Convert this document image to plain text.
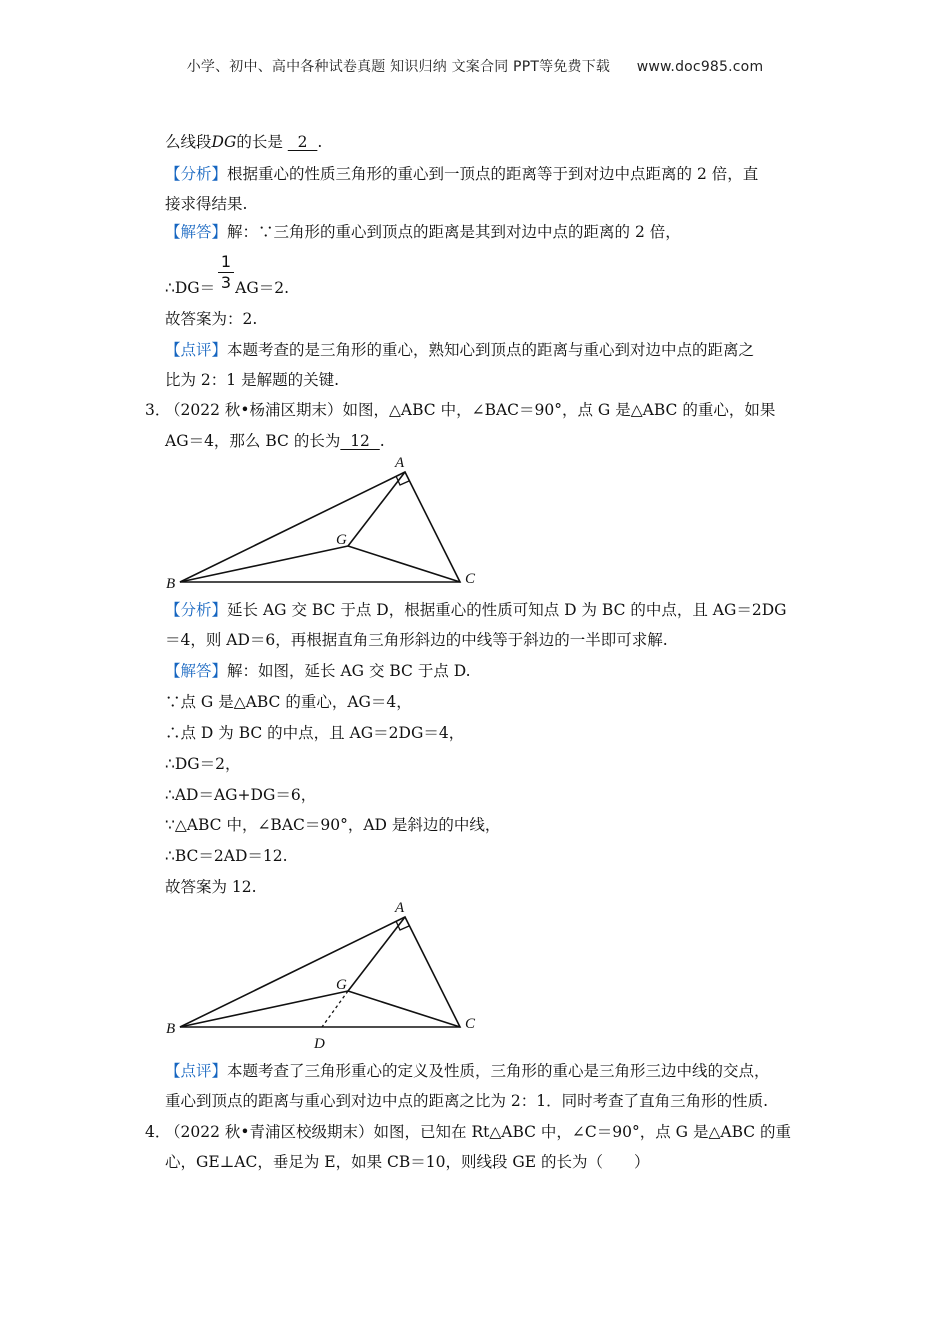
小学、初中、高中各种试卷真题 知识归纳 文案合同 PPT等免费下载 www.doc985.com
么线段DG的长是   2  .
【分析】根据重心的性质三角形的重心到一顶点的距离等于到对边中点距离的 2 倍，直
接求得结果.
【解答】解：∵三角形的重心到顶点的距离是其到对边中点的距离的 2 倍，
1
3
∴DG＝ AG＝2.
故答案为：2.
【点评】本题考查的是三角形的重心，熟知心到顶点的距离与重心到对边中点的距离之
比为 2：1 是解题的关键.
3．
（2022 秋•杨浦区期末）如图，△ABC 中，∠BAC＝90°，点 G 是△ABC 的重心，如果
AG＝4，那么 BC 的长为  12  .
A
B	C
G
【分析】延长 AG 交 BC 于点 D，根据重心的性质可知点 D 为 BC 的中点，且 AG＝2DG
＝4，则 AD＝6，再根据直角三角形斜边的中线等于斜边的一半即可求解.
【解答】解：如图，延长 AG 交 BC 于点 D.
∵点 G 是△ABC 的重心，AG＝4，
∴点 D 为 BC 的中点，且 AG＝2DG＝4，
∴DG＝2，
∴AD＝AG+DG＝6，
∵△ABC 中，∠BAC＝90°，AD 是斜边的中线，
∴BC＝2AD＝12.
故答案为 12.
A
B	C
G
D
【点评】本题考查了三角形重心的定义及性质，三角形的重心是三角形三边中线的交点，
重心到顶点的距离与重心到对边中点的距离之比为 2：1．同时考查了直角三角形的性质.
4．
（2022 秋•青浦区校级期末）如图，已知在 Rt△ABC 中，∠C＝90°，点 G 是△ABC 的重
心，GE⊥AC，垂足为 E，如果 CB＝10，则线段 GE 的长为（　　）
